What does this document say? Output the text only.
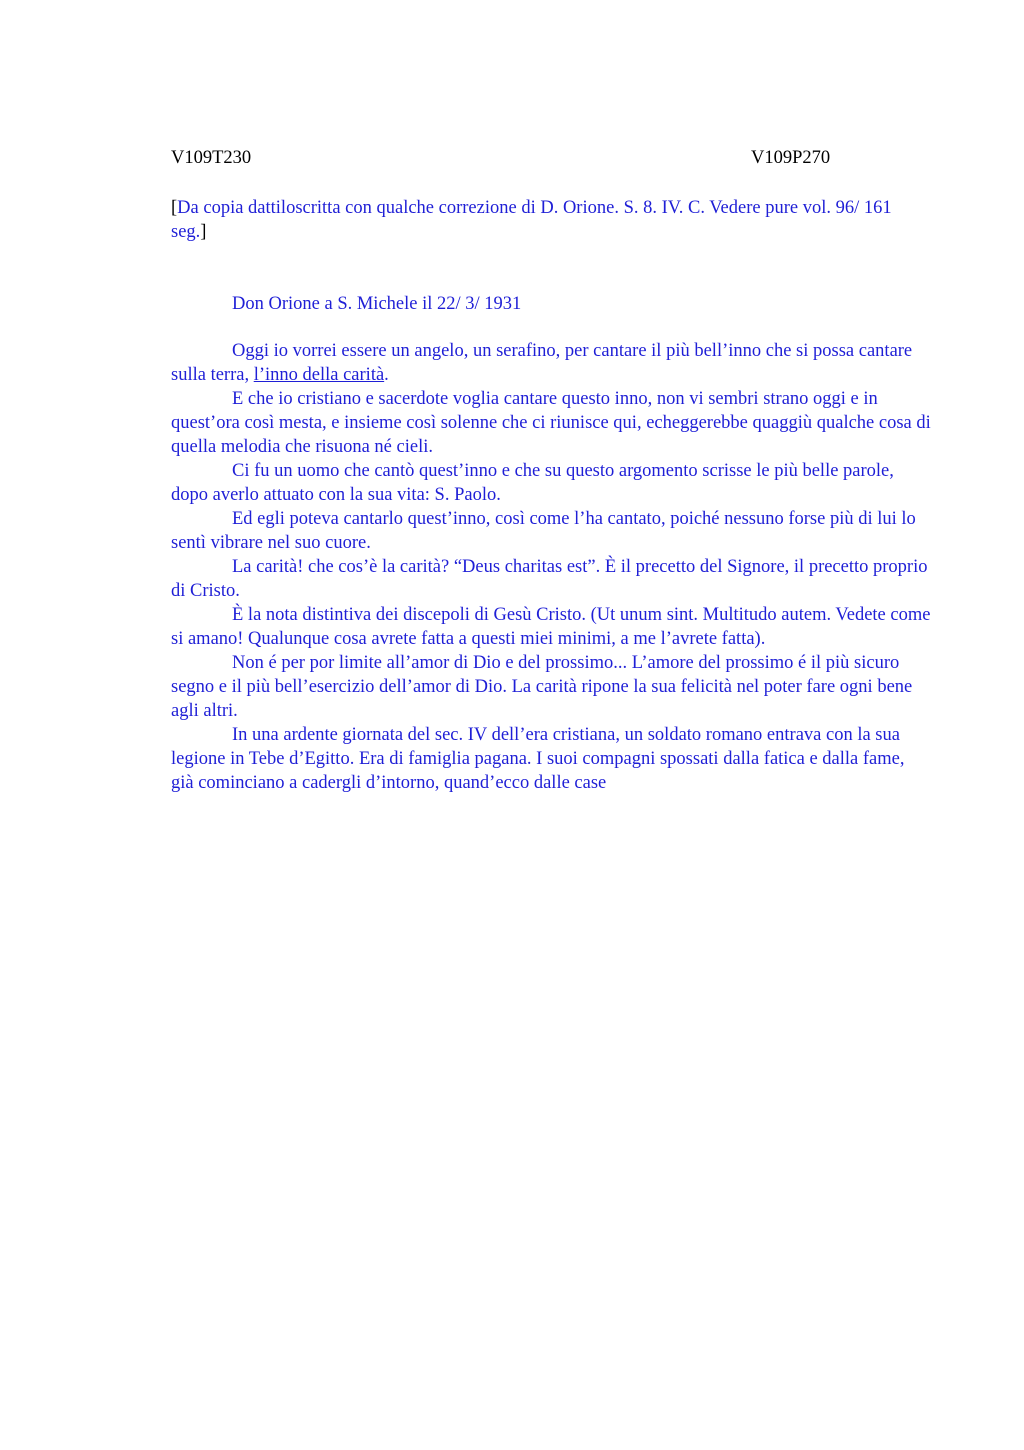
V109T230	V109P270
[Da copia dattiloscritta con qualche correzione di D. Orione. S. 8. IV. C. Vedere pure vol. 96/ 161 seg.]
Don Orione a S. Michele il 22/ 3/ 1931

Oggi io vorrei essere un angelo, un serafino, per cantare il più bell’inno che si possa cantare sulla terra, l’inno della carità.

E che io cristiano e sacerdote voglia cantare questo inno, non vi sembri strano oggi e in quest’ora così mesta, e insieme così solenne che ci riunisce qui, echeggerebbe quaggiù qualche cosa di quella melodia che risuona né cieli.

Ci fu un uomo che cantò quest’inno e che su questo argomento scrisse le più belle parole, dopo averlo attuato con la sua vita: S. Paolo.

Ed egli poteva cantarlo quest’inno, così come l’ha cantato, poiché nessuno forse più di lui lo sentì vibrare nel suo cuore.

La carità! che cos’è la carità? “Deus charitas est”. È il precetto del Signore, il precetto proprio di Cristo.

È la nota distintiva dei discepoli di Gesù Cristo. (Ut unum sint. Multitudo autem. Vedete come si amano! Qualunque cosa avrete fatta a questi miei minimi, a me l’avrete fatta).

Non é per por limite all’amor di Dio e del prossimo... L’amore del prossimo é il più sicuro segno e il più bell’esercizio dell’amor di Dio. La carità ripone la sua felicità nel poter fare ogni bene agli altri.

In una ardente giornata del sec. IV dell’era cristiana, un soldato romano entrava con la sua legione in Tebe d’Egitto. Era di famiglia pagana. I suoi compagni spossati dalla fatica e dalla fame, già cominciano a cadergli d’intorno, quand’ecco dalle case
